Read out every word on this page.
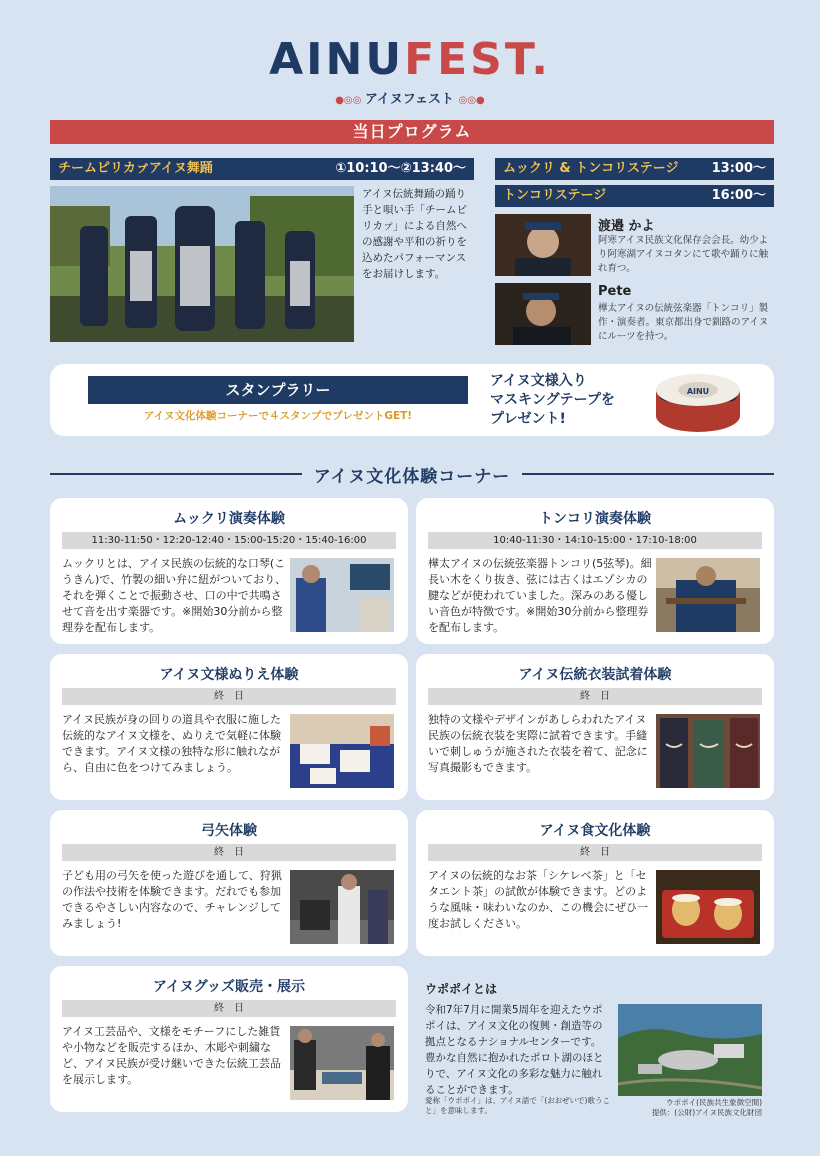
AINUFEST.
●◎◎ アイヌフェスト ◎◎●
当日プログラム
チームピリカㇷ゚アイヌ舞踊	①10:10〜②13:40〜
アイヌ伝統舞踊の踊り手と唄い手「チームピリカㇷ゚」による自然への感謝や平和の祈りを込めたパフォーマンスをお届けします。
ムックリ & トンコリステージ	13:00〜
トンコリステージ	16:00〜
渡邉 かよ
阿寒アイヌ民族文化保存会会長。幼少より阿寒湖アイヌコタンにて歌や踊りに触れ育つ。
Pete
樺太アイヌの伝統弦楽器「トンコリ」製作・演奏者。東京都出身で釧路のアイヌにルーツを持つ。
スタンプラリー
アイヌ文化体験コーナーで４スタンプでプレゼントGET!
アイヌ文様入り
マスキングテープを
プレゼント!
AINU
アイヌ文化体験コーナー
ムックリ演奏体験
11:30-11:50・12:20-12:40・15:00-15:20・15:40-16:00
ムックリとは、アイヌ民族の伝統的な口琴(こうきん)で、竹製の細い弁に紐がついており、それを弾くことで振動させ、口の中で共鳴させて音を出す楽器です。※開始30分前から整理券を配布します。
トンコリ演奏体験
10:40-11:30・14:10-15:00・17:10-18:00
樺太アイヌの伝統弦楽器トンコリ(5弦琴)。細長い木をくり抜き、弦には古くはエゾシカの腱などが使われていました。深みのある優しい音色が特徴です。※開始30分前から整理券を配布します。
アイヌ文様ぬりえ体験
終　日
アイヌ民族が身の回りの道具や衣服に施した伝統的なアイヌ文様を、ぬりえで気軽に体験できます。アイヌ文様の独特な形に触れながら、自由に色をつけてみましょう。
アイヌ伝統衣装試着体験
終　日
独特の文様やデザインがあしらわれたアイヌ民族の伝統衣装を実際に試着できます。手縫いで刺しゅうが施された衣装を着て、記念に写真撮影もできます。
弓矢体験
終　日
子ども用の弓矢を使った遊びを通して、狩猟の作法や技術を体験できます。だれでも参加できるやさしい内容なので、チャレンジしてみましょう!
アイヌ食文化体験
終　日
アイヌの伝統的なお茶「シケレベ茶」と「セタエント茶」の試飲が体験できます。どのような風味・味わいなのか、この機会にぜひ一度お試しください。
アイヌグッズ販売・展示
終　日
アイヌ工芸品や、文様をモチーフにした雑貨や小物などを販売するほか、木彫や刺繍など、アイヌ民族が受け継いできた伝統工芸品を展示します。
ウポポイとは
令和7年7月に開業5周年を迎えたウポポイは、アイヌ文化の復興・創造等の拠点となるナショナルセンターです。豊かな自然に抱かれたポロト湖のほとりで、アイヌ文化の多彩な魅力に触れることができます。
愛称「ウポポイ」は、アイヌ語で「(おおぜいで)歌うこと」を意味します。
ウポポイ(民族共生象徴空間)
提供：(公財)アイヌ民族文化財団
